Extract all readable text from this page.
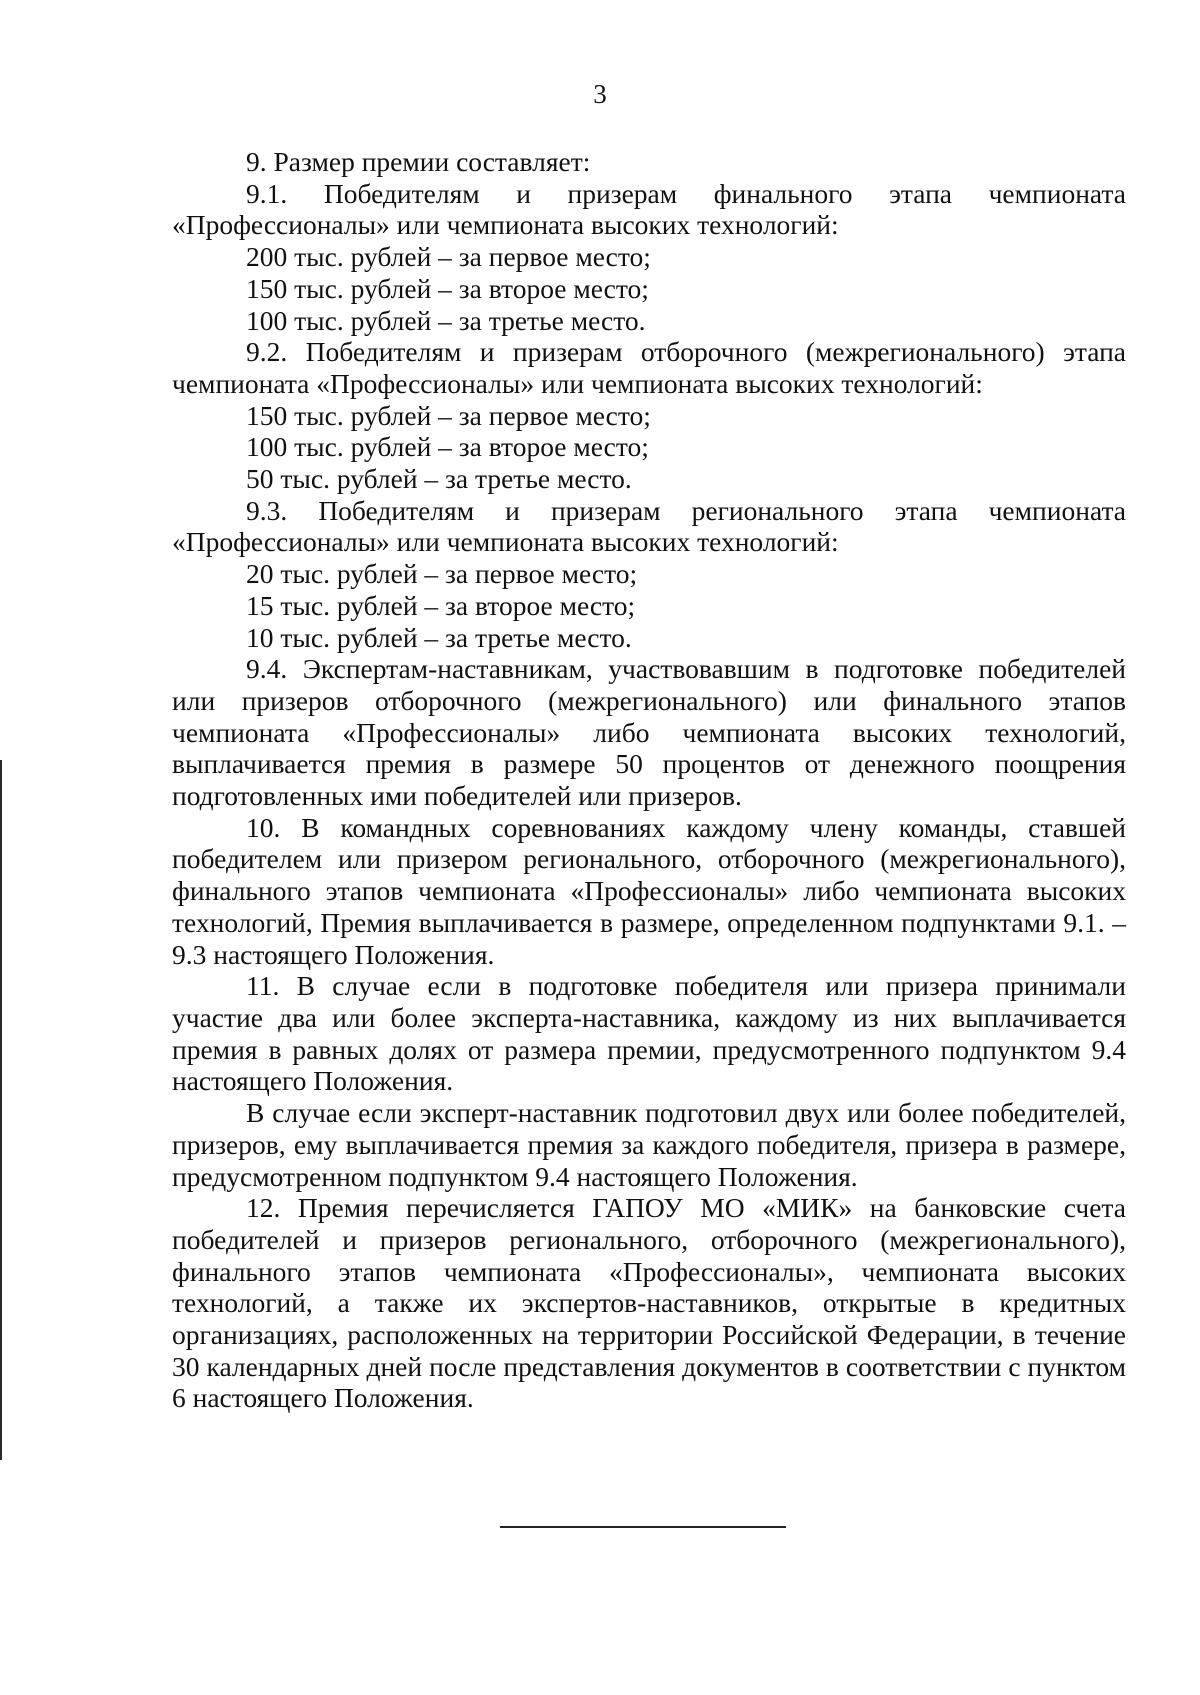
3

9. Размер премии составляет:

9.1. Победителям и призерам финального этапа чемпионата «Профессионалы» или чемпионата высоких технологий:

200 тыс. рублей – за первое место;

150 тыс. рублей – за второе место;

100 тыс. рублей – за третье место.

9.2. Победителям и призерам отборочного (межрегионального) этапа чемпионата «Профессионалы» или чемпионата высоких технологий:

150 тыс. рублей – за первое место;

100 тыс. рублей – за второе место;

50 тыс. рублей – за третье место.

9.3. Победителям и призерам регионального этапа чемпионата «Профессионалы» или чемпионата высоких технологий:

20 тыс. рублей – за первое место;

15 тыс. рублей – за второе место;

10 тыс. рублей – за третье место.

9.4. Экспертам-наставникам, участвовавшим в подготовке победителей или призеров отборочного (межрегионального) или финального этапов чемпионата «Профессионалы» либо чемпионата высоких технологий, выплачивается премия в размере 50 процентов от денежного поощрения подготовленных ими победителей или призеров.

10. В командных соревнованиях каждому члену команды, ставшей победителем или призером регионального, отборочного (межрегионального), финального этапов чемпионата «Профессионалы» либо чемпионата высоких технологий, Премия выплачивается в размере, определенном подпунктами 9.1. – 9.3 настоящего Положения.

11. В случае если в подготовке победителя или призера принимали участие два или более эксперта-наставника, каждому из них выплачивается премия в равных долях от размера премии, предусмотренного подпунктом 9.4 настоящего Положения.

В случае если эксперт-наставник подготовил двух или более победителей, призеров, ему выплачивается премия за каждого победителя, призера в размере, предусмотренном подпунктом 9.4 настоящего Положения.

12. Премия перечисляется ГАПОУ МО «МИК» на банковские счета победителей и призеров регионального, отборочного (межрегионального), финального этапов чемпионата «Профессионалы», чемпионата высоких технологий, а также их экспертов-наставников, открытые в кредитных организациях, расположенных на территории Российской Федерации, в течение 30 календарных дней после представления документов в соответствии с пунктом 6 настоящего Положения.
